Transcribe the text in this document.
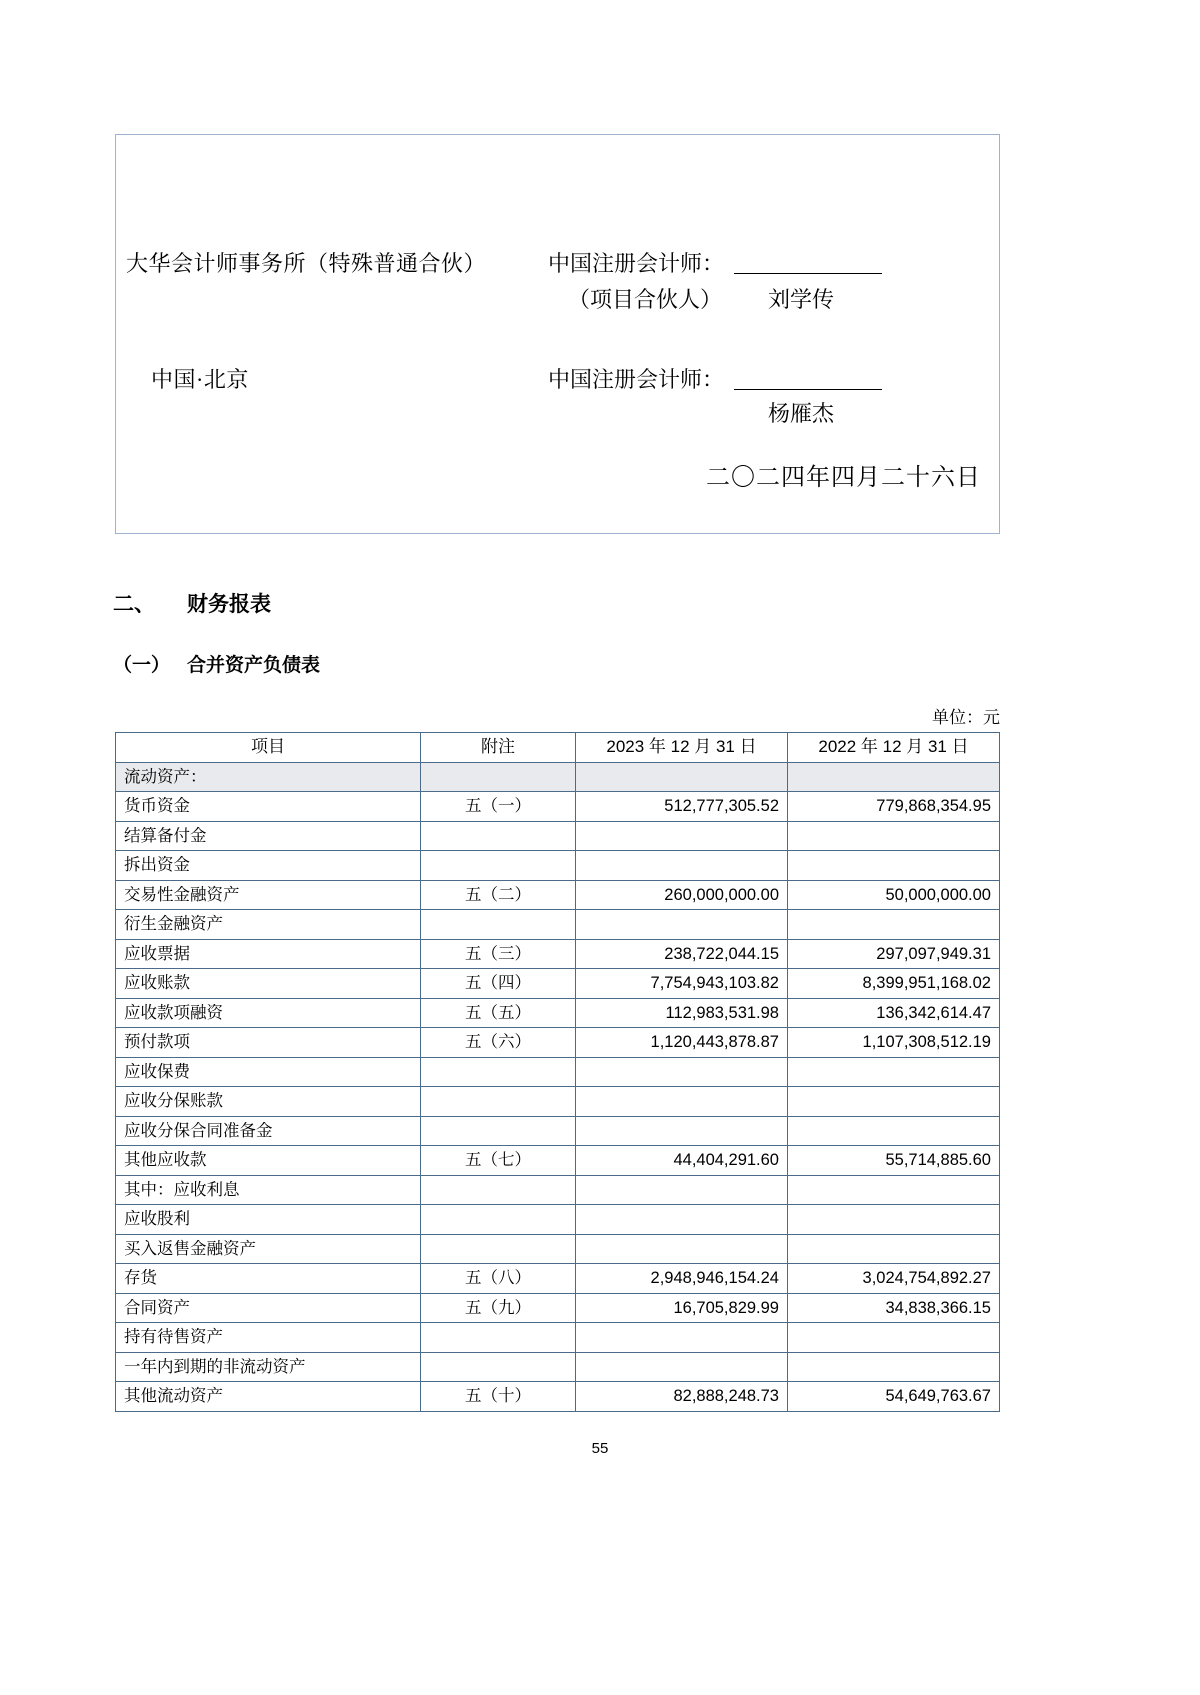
大华会计师事务所（特殊普通合伙）
中国·北京
中国注册会计师：
（项目合伙人） 刘学传
中国注册会计师：
杨雁杰
二〇二四年四月二十六日
二、 财务报表
（一） 合并资产负债表
单位：元
项目	附注	2023 年 12 月 31 日	2022 年 12 月 31 日
流动资产：			
货币资金	五（一）	512,777,305.52	779,868,354.95
结算备付金			
拆出资金			
交易性金融资产	五（二）	260,000,000.00	50,000,000.00
衍生金融资产			
应收票据	五（三）	238,722,044.15	297,097,949.31
应收账款	五（四）	7,754,943,103.82	8,399,951,168.02
应收款项融资	五（五）	112,983,531.98	136,342,614.47
预付款项	五（六）	1,120,443,878.87	1,107,308,512.19
应收保费			
应收分保账款			
应收分保合同准备金			
其他应收款	五（七）	44,404,291.60	55,714,885.60
其中：应收利息			
应收股利			
买入返售金融资产			
存货	五（八）	2,948,946,154.24	3,024,754,892.27
合同资产	五（九）	16,705,829.99	34,838,366.15
持有待售资产			
一年内到期的非流动资产			
其他流动资产	五（十）	82,888,248.73	54,649,763.67
55
